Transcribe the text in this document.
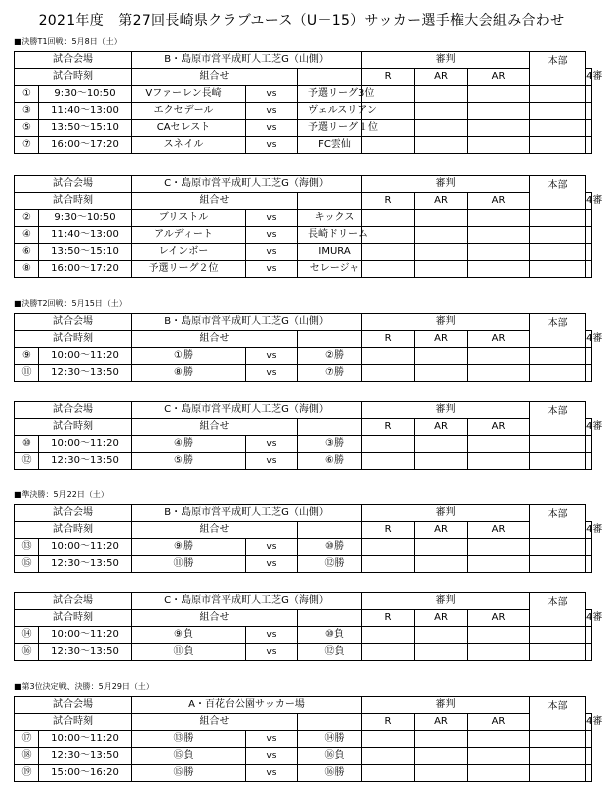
2021年度　第27回長崎県クラブユース（U－15）サッカー選手権大会組み合わせ
■決勝T1回戦：5月8日（土）
試合会場		B・島原市営平成町人工芝G（山側）			審判			本部	
試合時刻		組合せ			R	AR	AR		4審
①	9:30～10:50	Vファーレン長崎	vs	予選リーグ3位					
③	11:40～13:00	エクセデール	vs	ヴェルスリアン					
⑤	13:50～15:10	CAセレスト	vs	予選リーグ１位					
⑦	16:00～17:20	スネイル	vs	FC雲仙					
試合会場		C・島原市営平成町人工芝G（海側）			審判			本部	
試合時刻		組合せ			R	AR	AR		4審
②	9:30～10:50	ブリストル	vs	キックス					
④	11:40～13:00	アルディート	vs	長崎ドリーム					
⑥	13:50～15:10	レインボー	vs	IMURA					
⑧	16:00～17:20	予選リーグ２位	vs	セレージャ					
■決勝T2回戦：5月15日（土）
試合会場		B・島原市営平成町人工芝G（山側）			審判			本部	
試合時刻		組合せ			R	AR	AR		4審
⑨	10:00～11:20	①勝	vs	②勝					
⑪	12:30～13:50	⑧勝	vs	⑦勝					
試合会場		C・島原市営平成町人工芝G（海側）			審判			本部	
試合時刻		組合せ			R	AR	AR		4審
⑩	10:00～11:20	④勝	vs	③勝					
⑫	12:30～13:50	⑤勝	vs	⑥勝					
■準決勝：5月22日（土）
試合会場		B・島原市営平成町人工芝G（山側）			審判			本部	
試合時刻		組合せ			R	AR	AR		4審
⑬	10:00～11:20	⑨勝	vs	⑩勝					
⑮	12:30～13:50	⑪勝	vs	⑫勝					
試合会場		C・島原市営平成町人工芝G（海側）			審判			本部	
試合時刻		組合せ			R	AR	AR		4審
⑭	10:00～11:20	⑨負	vs	⑩負					
⑯	12:30～13:50	⑪負	vs	⑫負					
■第3位決定戦、決勝：5月29日（土）
試合会場		A・百花台公園サッカー場			審判			本部	
試合時刻		組合せ			R	AR	AR		4審
⑰	10:00～11:20	⑬勝	vs	⑭勝					
⑱	12:30～13:50	⑮負	vs	⑯負					
⑲	15:00～16:20	⑮勝	vs	⑯勝					
